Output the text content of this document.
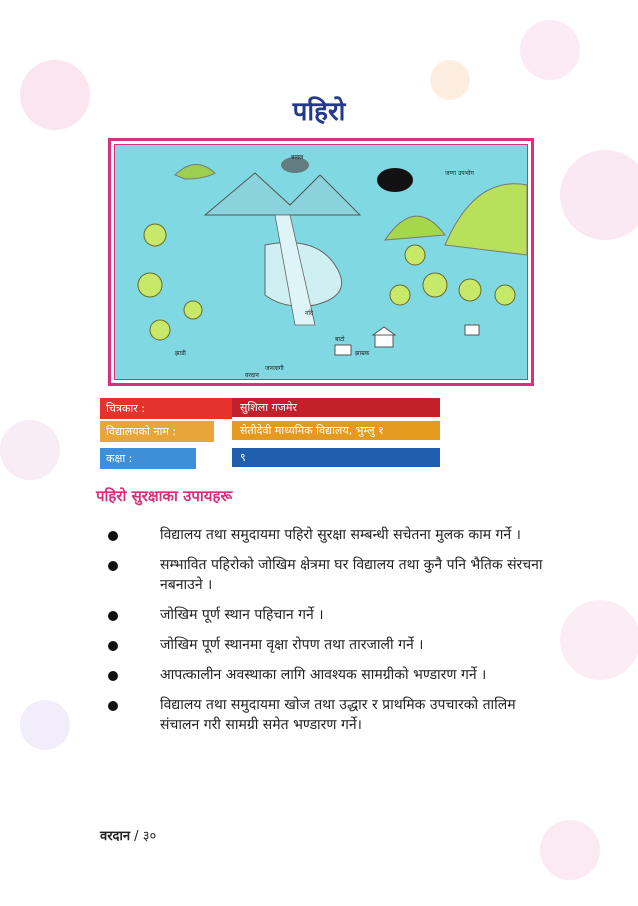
पहिरो
बादल
जग्गा उपभोग
बाटो
झाडी
नदि
झाम्रक
जनजागी
वरदान
चित्रकार :	सुशिला गजमेर
विद्यालयको नाम :	सेतीदेवी माध्यमिक विद्यालय, भुम्लु १
कक्षा :	९
पहिरो सुरक्षाका उपायहरू
विद्यालय तथा समुदायमा पहिरो सुरक्षा सम्बन्धी सचेतना मुलक काम गर्ने ।
सम्भावित पहिरोको जोखिम क्षेत्रमा घर विद्यालय तथा कुनै पनि भैतिक संरचना नबनाउने ।
जोखिम पूर्ण स्थान पहिचान गर्ने ।
जोखिम पूर्ण स्थानमा वृक्षा रोपण तथा तारजाली गर्ने ।
आपत्कालीन अवस्थाका लागि आवश्यक सामग्रीको भण्डारण गर्ने ।
विद्यालय तथा समुदायमा खोज तथा उद्धार र प्राथमिक उपचारको तालिम संचालन गरी सामग्री समेत भण्डारण गर्ने।
वरदान / ३०
